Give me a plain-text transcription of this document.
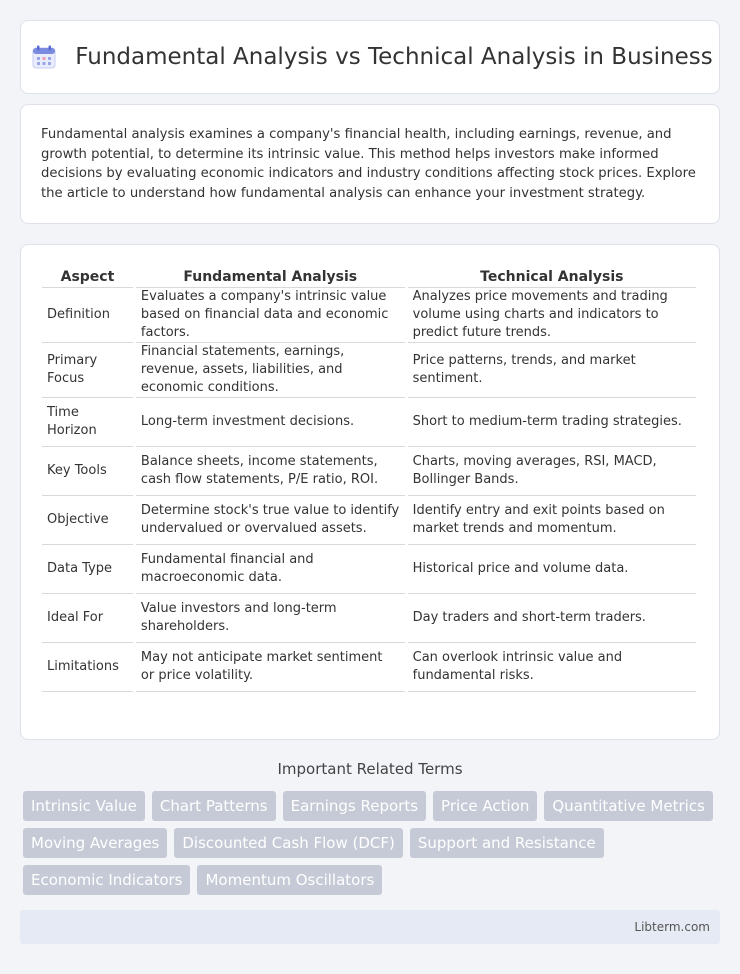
Fundamental Analysis vs Technical Analysis in Business

Fundamental analysis examines a company's financial health, including earnings, revenue, and growth potential, to determine its intrinsic value. This method helps investors make informed decisions by evaluating economic indicators and industry conditions affecting stock prices. Explore the article to understand how fundamental analysis can enhance your investment strategy.

Aspect	Fundamental Analysis	Technical Analysis
Definition	Evaluates a company's intrinsic value based on financial data and economic factors.	Analyzes price movements and trading volume using charts and indicators to predict future trends.
Primary Focus	Financial statements, earnings, revenue, assets, liabilities, and economic conditions.	Price patterns, trends, and market sentiment.
Time Horizon	Long-term investment decisions.	Short to medium-term trading strategies.
Key Tools	Balance sheets, income statements, cash flow statements, P/E ratio, ROI.	Charts, moving averages, RSI, MACD, Bollinger Bands.
Objective	Determine stock's true value to identify undervalued or overvalued assets.	Identify entry and exit points based on market trends and momentum.
Data Type	Fundamental financial and macroeconomic data.	Historical price and volume data.
Ideal For	Value investors and long-term shareholders.	Day traders and short-term traders.
Limitations	May not anticipate market sentiment or price volatility.	Can overlook intrinsic value and fundamental risks.
Important Related Terms
Intrinsic Value	Chart Patterns	Earnings Reports	Price Action	Quantitative Metrics
Moving Averages	Discounted Cash Flow (DCF)	Support and Resistance
Economic Indicators	Momentum Oscillators
Libterm.com
